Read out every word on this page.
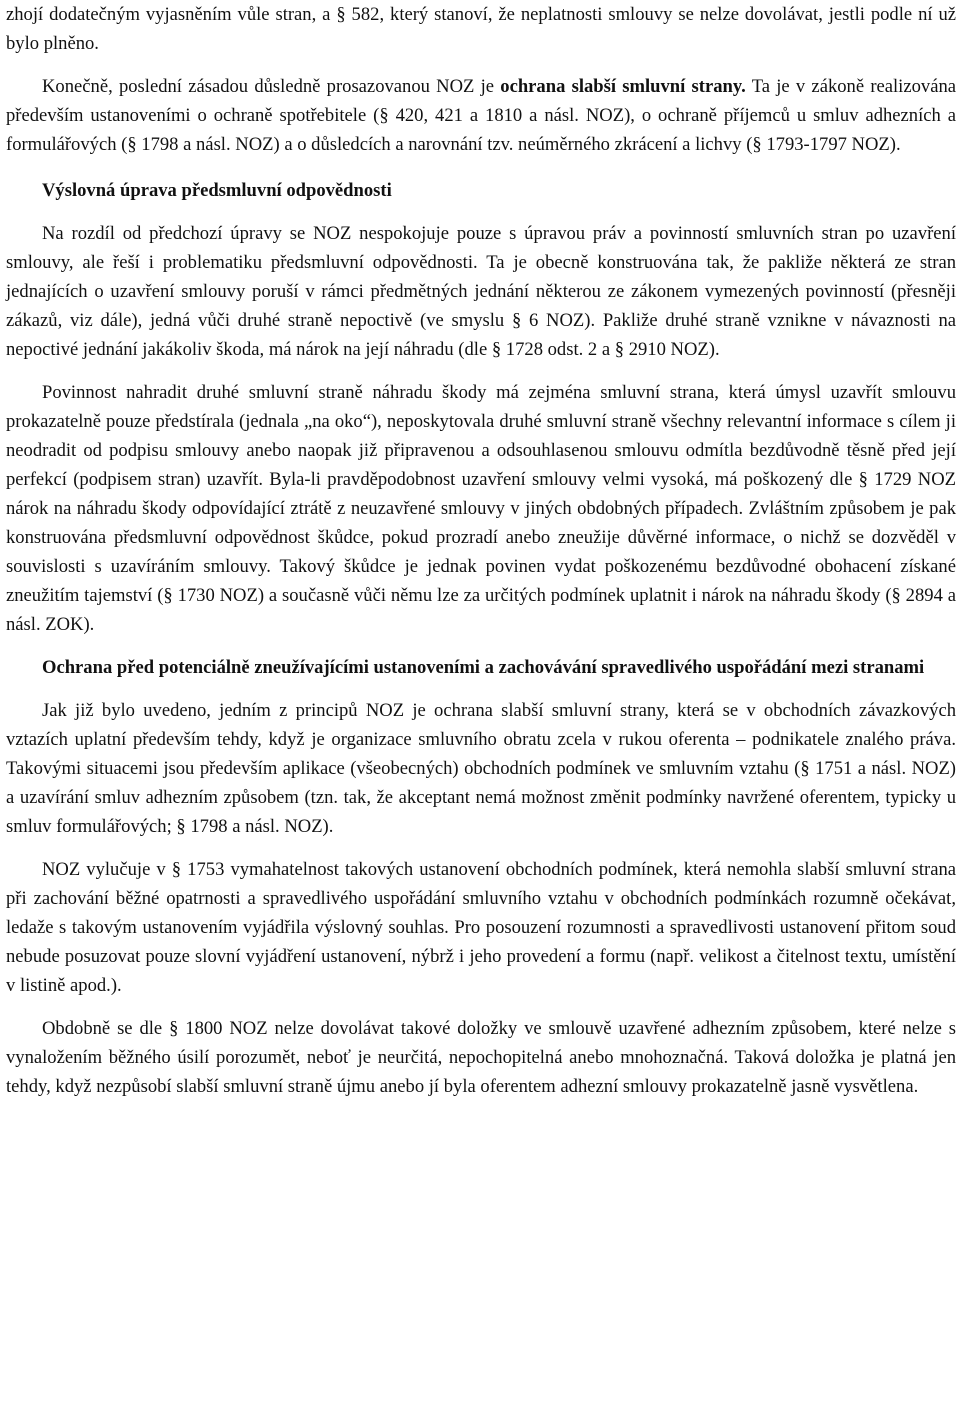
zhojí dodatečným vyjasněním vůle stran, a § 582, který stanoví, že neplatnosti smlouvy se nelze dovolávat, jestli podle ní už bylo plněno.

Konečně, poslední zásadou důsledně prosazovanou NOZ je ochrana slabší smluvní strany. Ta je v zákoně realizována především ustanoveními o ochraně spotřebitele (§ 420, 421 a 1810 a násl. NOZ), o ochraně příjemců u smluv adhezních a formulářových (§ 1798 a násl. NOZ) a o důsledcích a narovnání tzv. neúměrného zkrácení a lichvy (§ 1793-1797 NOZ).

Výslovná úprava předsmluvní odpovědnosti

Na rozdíl od předchozí úpravy se NOZ nespokojuje pouze s úpravou práv a povinností smluvních stran po uzavření smlouvy, ale řeší i problematiku předsmluvní odpovědnosti. Ta je obecně konstruována tak, že pakliže některá ze stran jednajících o uzavření smlouvy poruší v rámci předmětných jednání některou ze zákonem vymezených povinností (přesněji zákazů, viz dále), jedná vůči druhé straně nepoctivě (ve smyslu § 6 NOZ). Pakliže druhé straně vznikne v návaznosti na nepoctivé jednání jakákoliv škoda, má nárok na její náhradu (dle § 1728 odst. 2 a § 2910 NOZ).

Povinnost nahradit druhé smluvní straně náhradu škody má zejména smluvní strana, která úmysl uzavřít smlouvu prokazatelně pouze předstírala (jednala „na oko“), neposkytovala druhé smluvní straně všechny relevantní informace s cílem ji neodradit od podpisu smlouvy anebo naopak již připravenou a odsouhlasenou smlouvu odmítla bezdůvodně těsně před její perfekcí (podpisem stran) uzavřít. Byla-li pravděpodobnost uzavření smlouvy velmi vysoká, má poškozený dle § 1729 NOZ nárok na náhradu škody odpovídající ztrátě z neuzavřené smlouvy v jiných obdobných případech. Zvláštním způsobem je pak konstruována předsmluvní odpovědnost škůdce, pokud prozradí anebo zneužije důvěrné informace, o nichž se dozvěděl v souvislosti s uzavíráním smlouvy. Takový škůdce je jednak povinen vydat poškozenému bezdůvodné obohacení získané zneužitím tajemství (§ 1730 NOZ) a současně vůči němu lze za určitých podmínek uplatnit i nárok na náhradu škody (§ 2894 a násl. ZOK).

Ochrana před potenciálně zneužívajícími ustanoveními a zachovávání spravedlivého uspořádání mezi stranami

Jak již bylo uvedeno, jedním z principů NOZ je ochrana slabší smluvní strany, která se v obchodních závazkových vztazích uplatní především tehdy, když je organizace smluvního obratu zcela v rukou oferenta – podnikatele znalého práva. Takovými situacemi jsou především aplikace (všeobecných) obchodních podmínek ve smluvním vztahu (§ 1751 a násl. NOZ) a uzavírání smluv adhezním způsobem (tzn. tak, že akceptant nemá možnost změnit podmínky navržené oferentem, typicky u smluv formulářových; § 1798 a násl. NOZ).

NOZ vylučuje v § 1753 vymahatelnost takových ustanovení obchodních podmínek, která nemohla slabší smluvní strana při zachování běžné opatrnosti a spravedlivého uspořádání smluvního vztahu v obchodních podmínkách rozumně očekávat, ledaže s takovým ustanovením vyjádřila výslovný souhlas. Pro posouzení rozumnosti a spravedlivosti ustanovení přitom soud nebude posuzovat pouze slovní vyjádření ustanovení, nýbrž i jeho provedení a formu (např. velikost a čitelnost textu, umístění v listině apod.).

Obdobně se dle § 1800 NOZ nelze dovolávat takové doložky ve smlouvě uzavřené adhezním způsobem, které nelze s vynaložením běžného úsilí porozumět, neboť je neurčitá, nepochopitelná anebo mnohoznačná. Taková doložka je platná jen tehdy, když nezpůsobí slabší smluvní straně újmu anebo jí byla oferentem adhezní smlouvy prokazatelně jasně vysvětlena.
